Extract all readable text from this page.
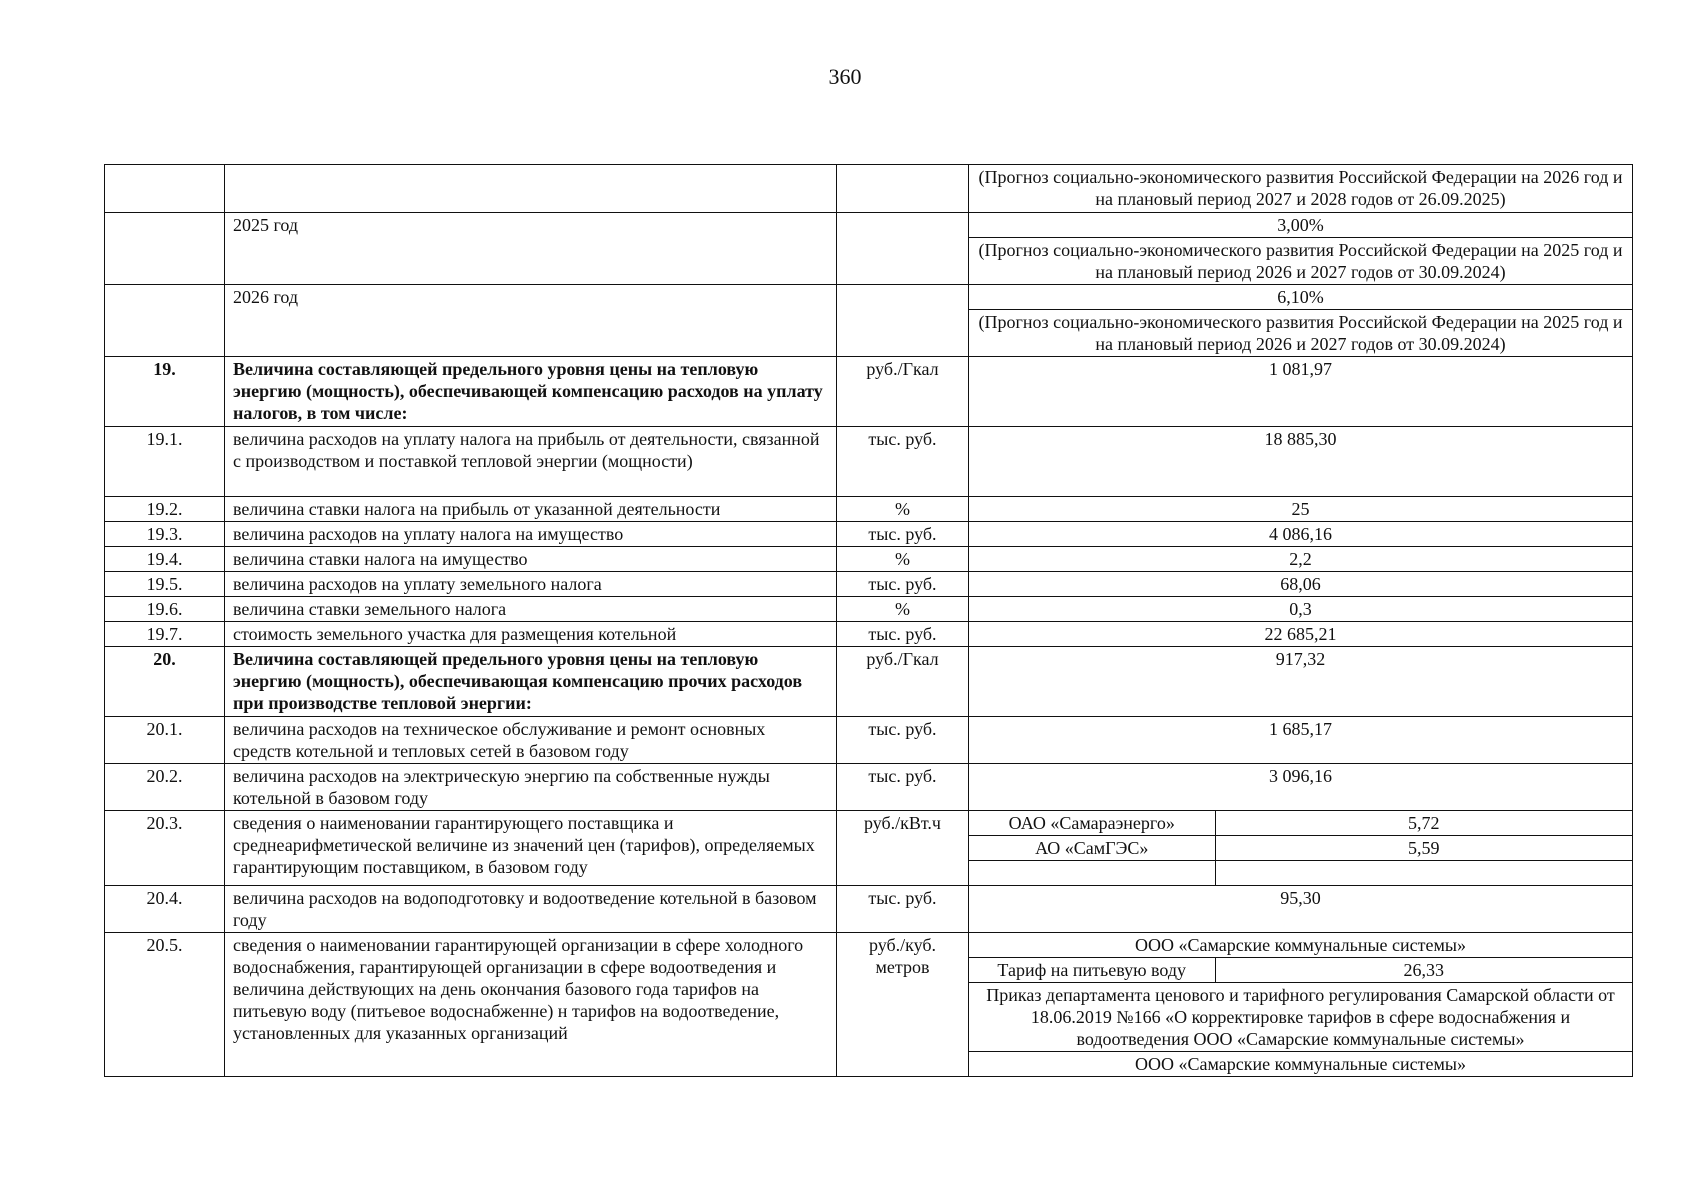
360

(Прогноз социально-экономического развития Российской Федерации на 2026 год и на плановый период 2027 и 2028 годов от 26.09.2025)

	2025 год			3,00%
(Прогноз социально-экономического развития Российской Федерации на 2025 год и на плановый период 2026 и 2027 годов от 30.09.2024)

	2026 год			6,10%
(Прогноз социально-экономического развития Российской Федерации на 2025 год и на плановый период 2026 и 2027 годов от 30.09.2024)

19.	Величина составляющей предельного уровня цены на тепловую энергию (мощность), обеспечивающей компенсацию расходов на уплату налогов, в том числе:	руб./Гкал	1 081,97
19.1.	величина расходов на уплату налога на прибыль от деятельности, связанной с производством и поставкой тепловой энергии (мощности)	тыс. руб.	18 885,30
19.2.	величина ставки налога на прибыль от указанной деятельности	%	25
19.3.	величина расходов на уплату налога на имущество	тыс. руб.	4 086,16
19.4.	величина ставки налога на имущество	%	2,2
19.5.	величина расходов на уплату земельного налога	тыс. руб.	68,06
19.6.	величина ставки земельного налога	%	0,3
19.7.	стоимость земельного участка для размещения котельной	тыс. руб.	22 685,21
20.	Величина составляющей предельного уровня цены на тепловую энергию (мощность), обеспечивающая компенсацию прочих расходов при производстве тепловой энергии:	руб./Гкал	917,32
20.1.	величина расходов на техническое обслуживание и ремонт основных средств котельной и тепловых сетей в базовом году	тыс. руб.	1 685,17
20.2.	величина расходов на электрическую энергию па собственные нужды котельной в базовом году	тыс. руб.	3 096,16
20.3.	сведения о наименовании гарантирующего поставщика и среднеарифметической величине из значений цен (тарифов), определяемых гарантирующим поставщиком, в базовом году	руб./кВт.ч		ОАО «Самараэнерго»	5,72
АО «СамГЭС»	5,59

20.4.	величина расходов на водоподготовку и водоотведение котельной в базовом году	тыс. руб.	95,30
20.5.	сведения о наименовании гарантирующей организации в сфере холодного водоснабжения, гарантирующей организации в сфере водоотведения и величина действующих на день окончания базового года тарифов на питьевую воду (питьевое водоснабженне) н тарифов на водоотведение, установленных для указанных организаций	руб./куб. метров	
ООО «Самарские коммунальные системы»
Тариф на питьевую воду	26,33
Приказ департамента ценового и тарифного регулирования Самарской области от 18.06.2019 №166 «О корректировке тарифов в сфере водоснабжения и водоотведения ООО «Самарские коммунальные системы»
ООО «Самарские коммунальные системы»
